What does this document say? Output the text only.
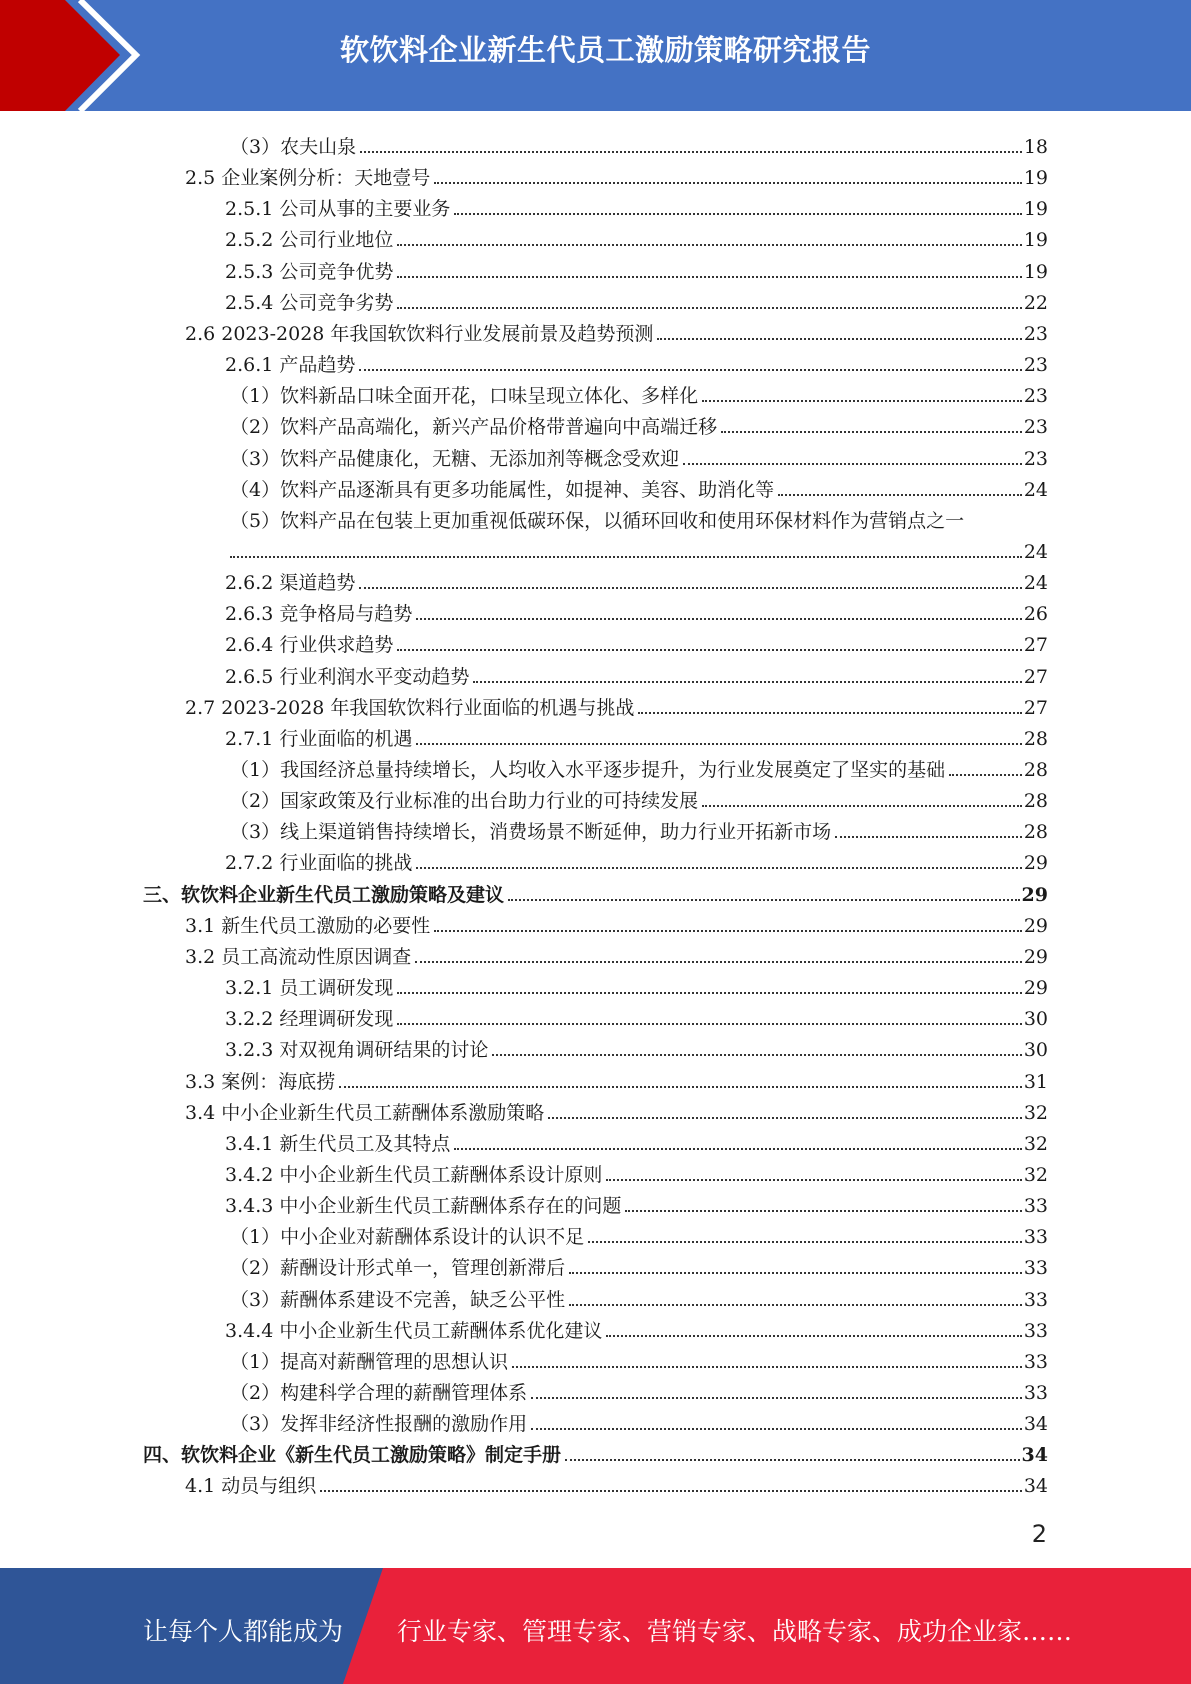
软饮料企业新生代员工激励策略研究报告
（3）农夫山泉	18
2.5 企业案例分析：天地壹号	19
2.5.1 公司从事的主要业务	19
2.5.2 公司行业地位	19
2.5.3 公司竞争优势	19
2.5.4 公司竞争劣势	22
2.6 2023-2028 年我国软饮料行业发展前景及趋势预测	23
2.6.1 产品趋势	23
（1）饮料新品口味全面开花，口味呈现立体化、多样化	23
（2）饮料产品高端化，新兴产品价格带普遍向中高端迁移	23
（3）饮料产品健康化，无糖、无添加剂等概念受欢迎	23
（4）饮料产品逐渐具有更多功能属性，如提神、美容、助消化等	24
（5）饮料产品在包装上更加重视低碳环保，以循环回收和使用环保材料作为营销点之一
24
2.6.2 渠道趋势	24
2.6.3 竞争格局与趋势	26
2.6.4 行业供求趋势	27
2.6.5 行业利润水平变动趋势	27
2.7 2023-2028 年我国软饮料行业面临的机遇与挑战	27
2.7.1 行业面临的机遇	28
（1）我国经济总量持续增长，人均收入水平逐步提升，为行业发展奠定了坚实的基础	28
（2）国家政策及行业标准的出台助力行业的可持续发展	28
（3）线上渠道销售持续增长，消费场景不断延伸，助力行业开拓新市场	28
2.7.2 行业面临的挑战	29
三、软饮料企业新生代员工激励策略及建议	29
3.1 新生代员工激励的必要性	29
3.2 员工高流动性原因调查	29
3.2.1 员工调研发现	29
3.2.2 经理调研发现	30
3.2.3 对双视角调研结果的讨论	30
3.3 案例：海底捞	31
3.4 中小企业新生代员工薪酬体系激励策略	32
3.4.1 新生代员工及其特点	32
3.4.2 中小企业新生代员工薪酬体系设计原则	32
3.4.3 中小企业新生代员工薪酬体系存在的问题	33
（1）中小企业对薪酬体系设计的认识不足	33
（2）薪酬设计形式单一，管理创新滞后	33
（3）薪酬体系建设不完善，缺乏公平性	33
3.4.4 中小企业新生代员工薪酬体系优化建议	33
（1）提高对薪酬管理的思想认识	33
（2）构建科学合理的薪酬管理体系	33
（3）发挥非经济性报酬的激励作用	34
四、软饮料企业《新生代员工激励策略》制定手册	34
4.1 动员与组织	34
2
让每个人都能成为 行业专家、管理专家、营销专家、战略专家、成功企业家……
